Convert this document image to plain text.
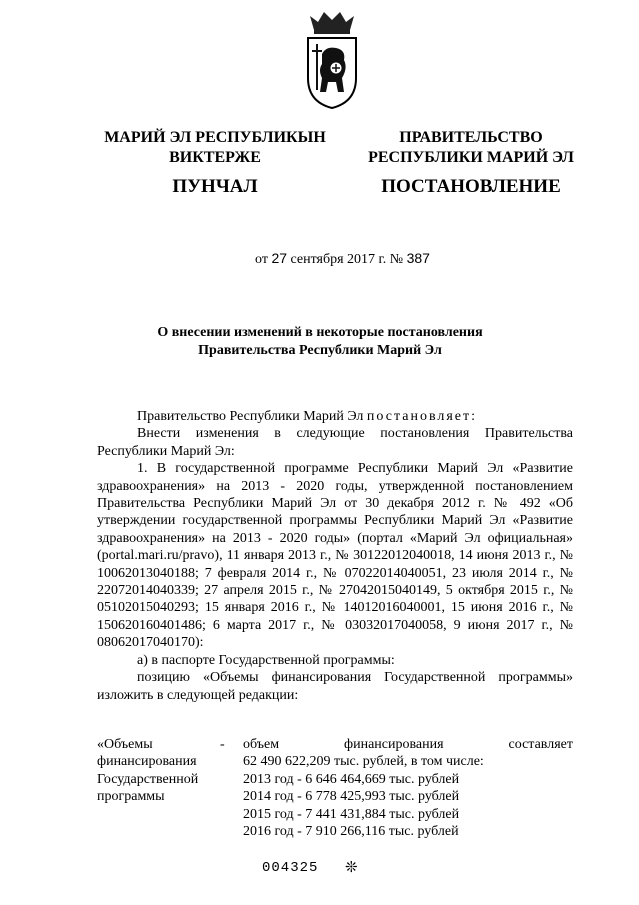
МАРИЙ ЭЛ РЕСПУБЛИКЫН
ВИКТЕРЖЕ
ПРАВИТЕЛЬСТВО
РЕСПУБЛИКИ МАРИЙ ЭЛ
ПУНЧАЛ	ПОСТАНОВЛЕНИЕ
от 27 сентября 2017 г. № 387
О внесении изменений в некоторые постановления
Правительства Республики Марий Эл

Правительство Республики Марий Эл постановляет:

Внести изменения в следующие постановления Правительства Республики Марий Эл:

1. В государственной программе Республики Марий Эл «Развитие здравоохранения» на 2013 - 2020 годы, утвержденной постановлением Правительства Республики Марий Эл от 30 декабря 2012 г. № 492 «Об утверждении государственной программы Республики Марий Эл «Развитие здравоохранения» на 2013 - 2020 годы» (портал «Марий Эл официальная» (portal.mari.ru/pravo), 11 января 2013 г., № 30122012040018, 14 июня 2013 г., № 10062013040188; 7 февраля 2014 г., № 07022014040051, 23 июля 2014 г., № 22072014040339; 27 апреля 2015 г., № 27042015040149, 5 октября 2015 г., № 05102015040293; 15 января 2016 г., № 14012016040001, 15 июня 2016 г., № 150620160401486; 6 марта 2017 г., № 03032017040058, 9 июня 2017 г., № 08062017040170):

а) в паспорте Государственной программы:

позицию «Объемы финансирования Государственной программы» изложить в следующей редакции:

«Объемы финансирования Государственной программы
- объем финансирования составляет
62 490 622,209 тыс. рублей, в том числе:
2013 год - 6 646 464,669 тыс. рублей
2014 год - 6 778 425,993 тыс. рублей
2015 год - 7 441 431,884 тыс. рублей
2016 год - 7 910 266,116 тыс. рублей
004325 ❊
